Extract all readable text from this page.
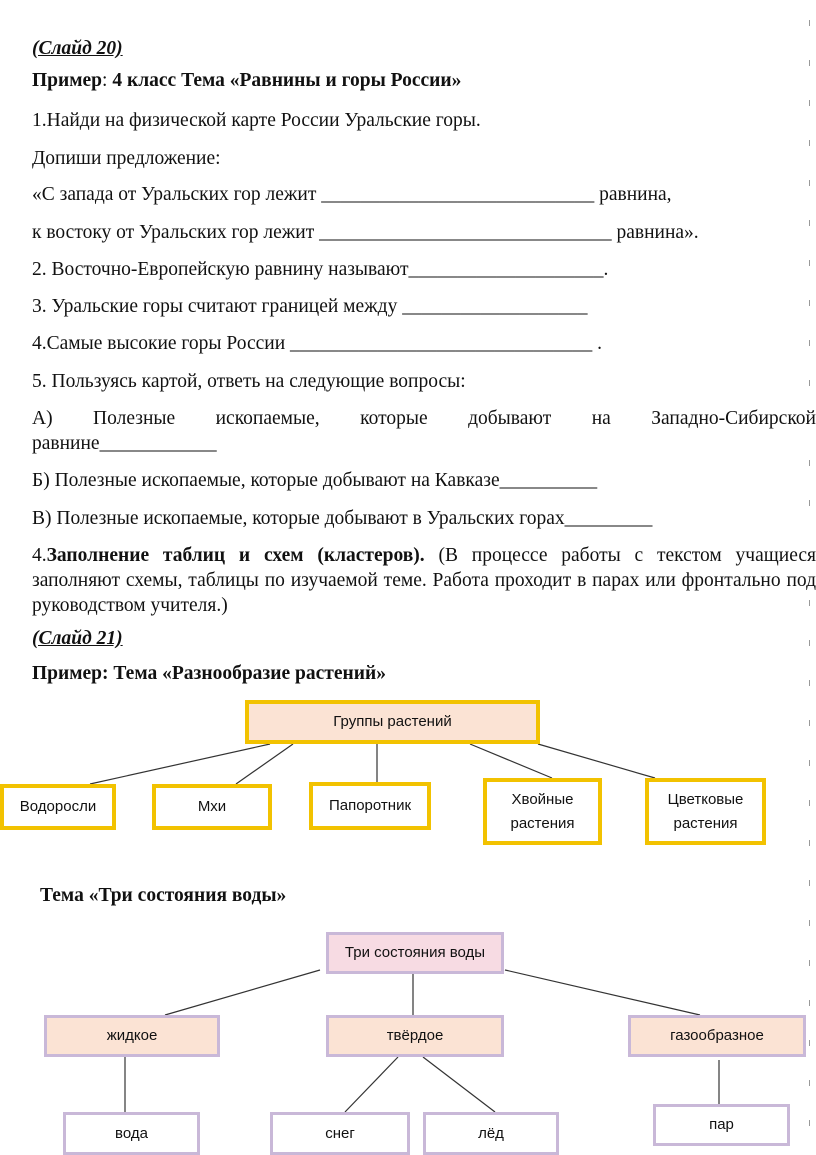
(Слайд 20)
Пример: 4 класс Тема «Равнины и горы России»
1.Найди на физической карте России Уральские горы.
Допиши предложение:
«С запада от Уральских гор лежит ____________________________ равнина,
к востоку от Уральских гор лежит ______________________________ равнина».
2. Восточно-Европейскую равнину называют____________________.
3. Уральские горы считают границей между ___________________
4.Самые высокие горы России _______________________________ .
5. Пользуясь картой, ответь на следующие вопросы:
А) Полезные ископаемые, которые добывают на Западно-Сибирской
равнине____________
Б) Полезные ископаемые, которые добывают на Кавказе__________
В) Полезные ископаемые, которые добывают в Уральских горах_________
4.Заполнение таблиц и схем (кластеров). (В процессе работы с текстом учащиеся заполняют схемы, таблицы по изучаемой теме. Работа проходит в парах или фронтально под руководством учителя.)
(Слайд 21)
Пример: Тема «Разнообразие растений»
Группы растений
Водоросли	Мхи	Папоротник	Хвойные растения
Цветковые растения
Тема «Три состояния воды»
Три состояния воды
жидкое	твёрдое	газообразное
вода	снег	лёд	пар
